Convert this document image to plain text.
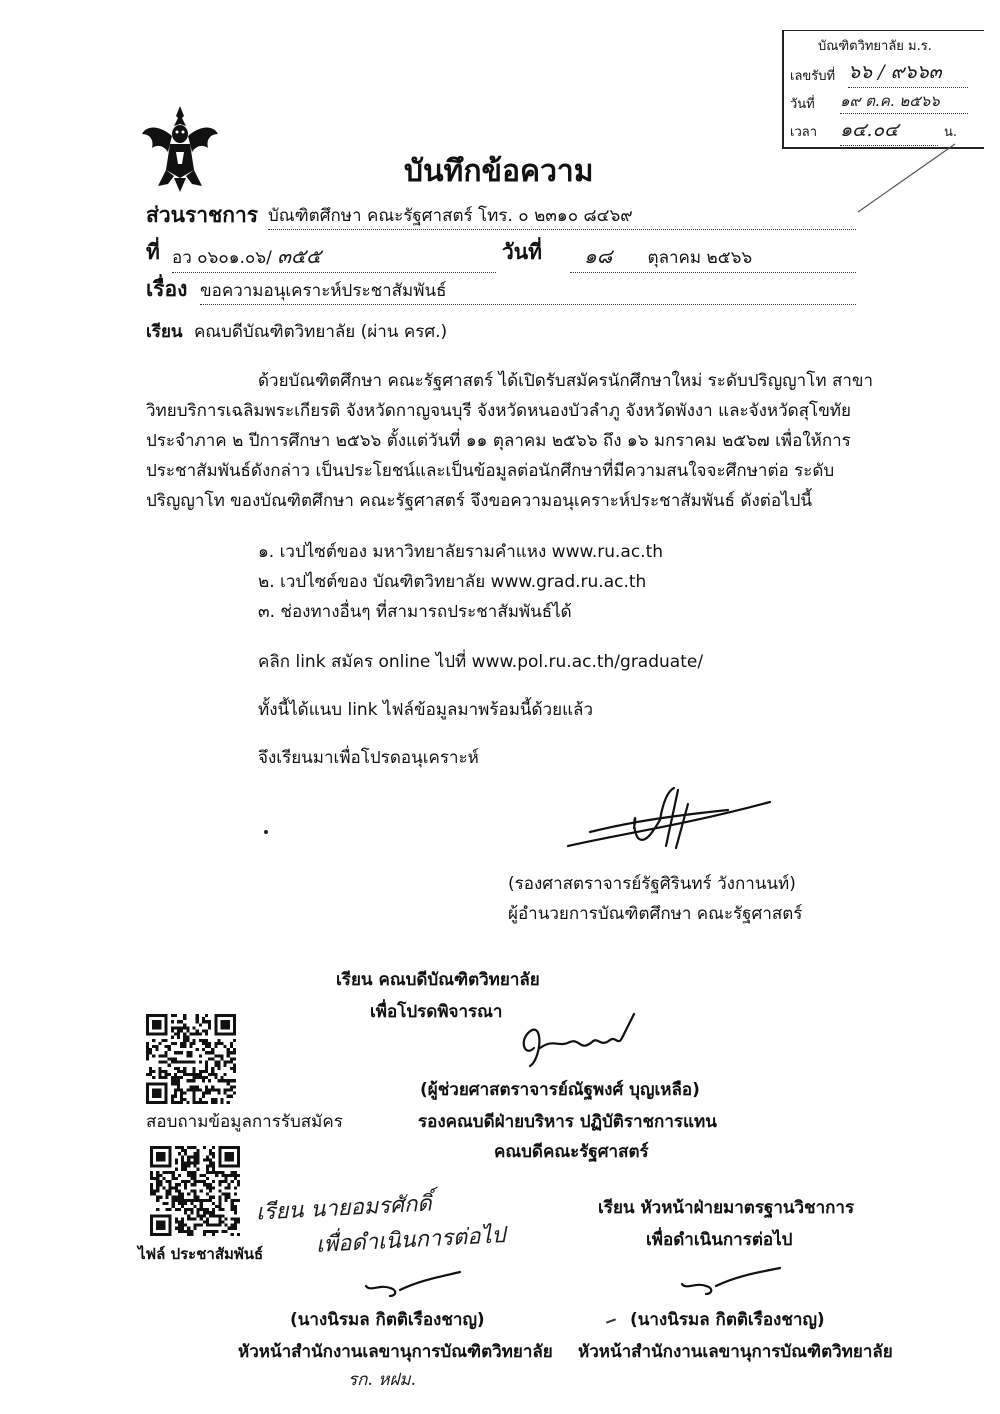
บัณฑิตวิทยาลัย ม.ร.
เลขรับที่ ๖๖ / ๙๖๖๓
วันที่ ๑๙ ต.ค. ๒๕๖๖
เวลา ๑๔.๐๔	น.
บันทึกข้อความ
ส่วนราชการ บัณฑิตศึกษา คณะรัฐศาสตร์ โทร. ๐ ๒๓๑๐ ๘๔๖๙
ที่ อว ๐๖๐๑.๐๖/ ๓๕๕	วันที่	๑๘ ตุลาคม ๒๕๖๖
เรื่อง ขอความอนุเคราะห์ประชาสัมพันธ์
เรียน คณบดีบัณฑิตวิทยาลัย (ผ่าน ครศ.)
ด้วยบัณฑิตศึกษา คณะรัฐศาสตร์ ได้เปิดรับสมัครนักศึกษาใหม่ ระดับปริญญาโท สาขา
วิทยบริการเฉลิมพระเกียรติ จังหวัดกาญจนบุรี จังหวัดหนองบัวลำภู จังหวัดพังงา และจังหวัดสุโขทัย
ประจำภาค ๒ ปีการศึกษา ๒๕๖๖ ตั้งแต่วันที่ ๑๑ ตุลาคม ๒๕๖๖ ถึง ๑๖ มกราคม ๒๕๖๗ เพื่อให้การ
ประชาสัมพันธ์ดังกล่าว เป็นประโยชน์และเป็นข้อมูลต่อนักศึกษาที่มีความสนใจจะศึกษาต่อ ระดับ
ปริญญาโท ของบัณฑิตศึกษา คณะรัฐศาสตร์ จึงขอความอนุเคราะห์ประชาสัมพันธ์ ดังต่อไปนี้
๑. เวปไซต์ของ มหาวิทยาลัยรามคำแหง www.ru.ac.th
๒. เวปไซต์ของ บัณฑิตวิทยาลัย www.grad.ru.ac.th
๓. ช่องทางอื่นๆ ที่สามารถประชาสัมพันธ์ได้
คลิก link สมัคร online ไปที่ www.pol.ru.ac.th/graduate/
ทั้งนี้ได้แนบ link ไฟล์ข้อมูลมาพร้อมนี้ด้วยแล้ว
จึงเรียนมาเพื่อโปรดอนุเคราะห์
(รองศาสตราจารย์รัฐศิรินทร์ วังกานนท์)
ผู้อำนวยการบัณฑิตศึกษา คณะรัฐศาสตร์
เรียน คณบดีบัณฑิตวิทยาลัย
เพื่อโปรดพิจารณา
(ผู้ช่วยศาสตราจารย์ณัฐพงศ์ บุญเหลือ)
รองคณบดีฝ่ายบริหาร ปฏิบัติราชการแทน
คณบดีคณะรัฐศาสตร์
สอบถามข้อมูลการรับสมัคร
ไฟล์ ประชาสัมพันธ์
เรียน นายอมรศักดิ์
เพื่อดำเนินการต่อไป
(นางนิรมล กิตติเรืองชาญ)
หัวหน้าสำนักงานเลขานุการบัณฑิตวิทยาลัย
รก. หฝม.
เรียน หัวหน้าฝ่ายมาตรฐานวิชาการ
เพื่อดำเนินการต่อไป
(นางนิรมล กิตติเรืองชาญ)
หัวหน้าสำนักงานเลขานุการบัณฑิตวิทยาลัย
